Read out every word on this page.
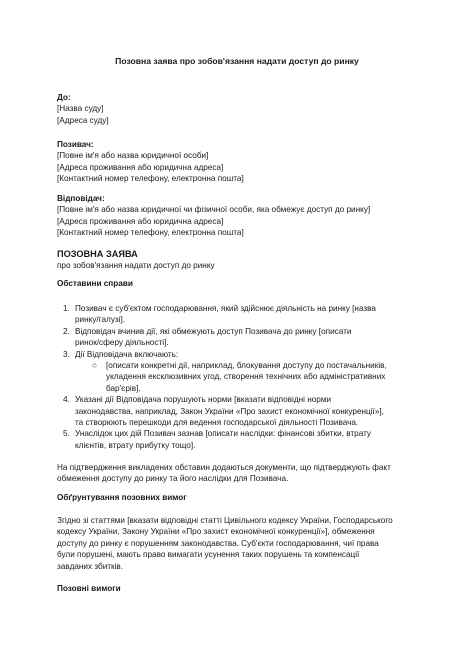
Позовна заява про зобов'язання надати доступ до ринку

До:

[Назва суду]

[Адреса суду]

Позивач:

[Повне ім'я або назва юридичної особи]

[Адреса проживання або юридична адреса]

[Контактний номер телефону, електронна пошта]

Відповідач:

[Повне ім'я або назва юридичної чи фізичної особи, яка обмежує доступ до ринку]

[Адреса проживання або юридична адреса]

[Контактний номер телефону, електронна пошта]

ПОЗОВНА ЗАЯВА

про зобов'язання надати доступ до ринку

Обставини справи

1. Позивач є суб'єктом господарювання, який здійснює діяльність на ринку [назва

ринку/галузі].

2. Відповідач вчинив дії, які обмежують доступ Позивача до ринку [описати

ринок/сферу діяльності].

3. Дії Відповідача включають:

○ [описати конкретні дії, наприклад, блокування доступу до постачальників,

укладення ексклюзивних угод, створення технічних або адміністративних

бар'єрів].

4. Указані дії Відповідача порушують норми [вказати відповідні норми

законодавства, наприклад, Закон України «Про захист економічної конкуренції»],

та створюють перешкоди для ведення господарської діяльності Позивача.

5. Унаслідок цих дій Позивач зазнав [описати наслідки: фінансові збитки, втрату

клієнтів, втрату прибутку тощо].

На підтвердження викладених обставин додаються документи, що підтверджують факт

обмеження доступу до ринку та його наслідки для Позивача.

Обґрунтування позовних вимог

Згідно зі статтями [вказати відповідні статті Цивільного кодексу України, Господарського

кодексу України, Закону України «Про захист економічної конкуренції»], обмеження

доступу до ринку є порушенням законодавства. Суб'єкти господарювання, чиї права

були порушені, мають право вимагати усунення таких порушень та компенсації

завданих збитків.

Позовні вимоги
